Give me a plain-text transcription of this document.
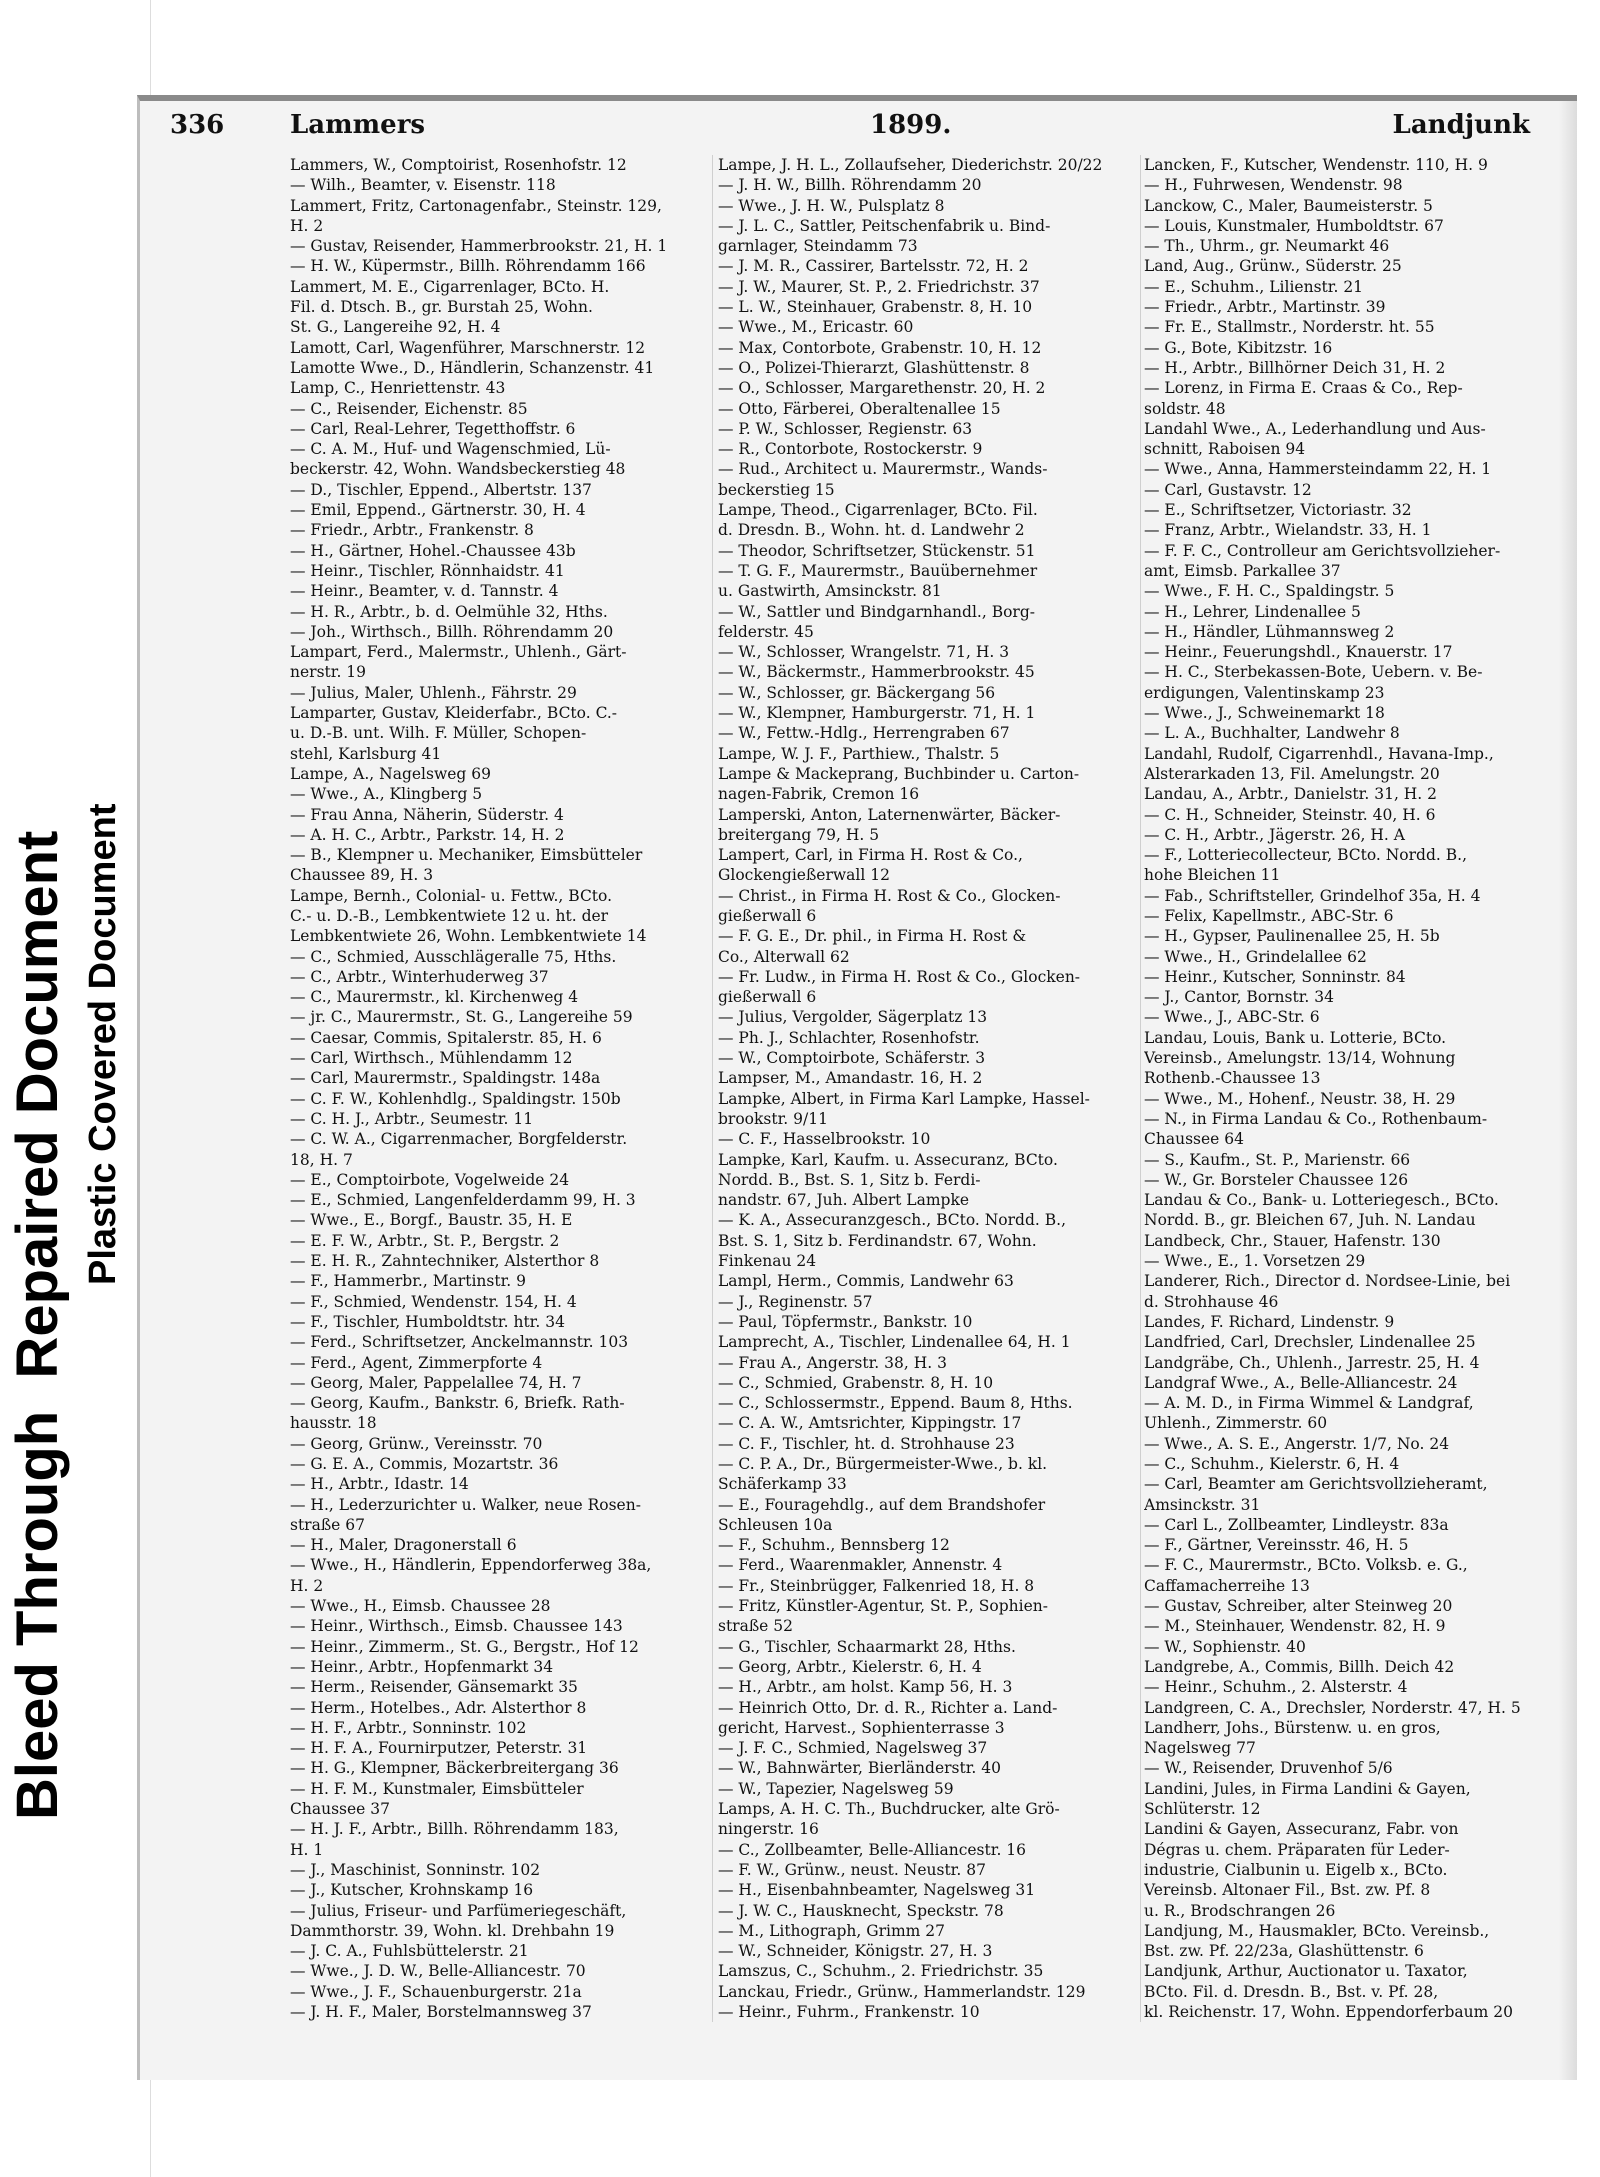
Bleed Through  Repaired Document Plastic Covered Document
336	Lammers	1899.	Landjunk
Lammers, W., Comptoirist, Rosenhofstr. 12
— Wilh., Beamter, v. Eisenstr. 118
Lammert, Fritz, Cartonagenfabr., Steinstr. 129,
H. 2
— Gustav, Reisender, Hammerbrookstr. 21, H. 1
— H. W., Küpermstr., Billh. Röhrendamm 166
Lammert, M. E., Cigarrenlager, BCto. H.
Fil. d. Dtsch. B., gr. Burstah 25, Wohn.
St. G., Langereihe 92, H. 4
Lamott, Carl, Wagenführer, Marschnerstr. 12
Lamotte Wwe., D., Händlerin, Schanzenstr. 41
Lamp, C., Henriettenstr. 43
— C., Reisender, Eichenstr. 85
— Carl, Real-Lehrer, Tegetthoffstr. 6
— C. A. M., Huf- und Wagenschmied, Lü-
beckerstr. 42, Wohn. Wandsbeckerstieg 48
— D., Tischler, Eppend., Albertstr. 137
— Emil, Eppend., Gärtnerstr. 30, H. 4
— Friedr., Arbtr., Frankenstr. 8
— H., Gärtner, Hohel.-Chaussee 43b
— Heinr., Tischler, Rönnhaidstr. 41
— Heinr., Beamter, v. d. Tannstr. 4
— H. R., Arbtr., b. d. Oelmühle 32, Hths.
— Joh., Wirthsch., Billh. Röhrendamm 20
Lampart, Ferd., Malermstr., Uhlenh., Gärt-
nerstr. 19
— Julius, Maler, Uhlenh., Fährstr. 29
Lamparter, Gustav, Kleiderfabr., BCto. C.-
u. D.-B. unt. Wilh. F. Müller, Schopen-
stehl, Karlsburg 41
Lampe, A., Nagelsweg 69
— Wwe., A., Klingberg 5
— Frau Anna, Näherin, Süderstr. 4
— A. H. C., Arbtr., Parkstr. 14, H. 2
— B., Klempner u. Mechaniker, Eimsbütteler
Chaussee 89, H. 3
Lampe, Bernh., Colonial- u. Fettw., BCto.
C.- u. D.-B., Lembkentwiete 12 u. ht. der
Lembkentwiete 26, Wohn. Lembkentwiete 14
— C., Schmied, Ausschlägeralle 75, Hths.
— C., Arbtr., Winterhuderweg 37
— C., Maurermstr., kl. Kirchenweg 4
— jr. C., Maurermstr., St. G., Langereihe 59
— Caesar, Commis, Spitalerstr. 85, H. 6
— Carl, Wirthsch., Mühlendamm 12
— Carl, Maurermstr., Spaldingstr. 148a
— C. F. W., Kohlenhdlg., Spaldingstr. 150b
— C. H. J., Arbtr., Seumestr. 11
— C. W. A., Cigarrenmacher, Borgfelderstr.
18, H. 7
— E., Comptoirbote, Vogelweide 24
— E., Schmied, Langenfelderdamm 99, H. 3
— Wwe., E., Borgf., Baustr. 35, H. E
— E. F. W., Arbtr., St. P., Bergstr. 2
— E. H. R., Zahntechniker, Alsterthor 8
— F., Hammerbr., Martinstr. 9
— F., Schmied, Wendenstr. 154, H. 4
— F., Tischler, Humboldtstr. htr. 34
— Ferd., Schriftsetzer, Anckelmannstr. 103
— Ferd., Agent, Zimmerpforte 4
— Georg, Maler, Pappelallee 74, H. 7
— Georg, Kaufm., Bankstr. 6, Briefk. Rath-
hausstr. 18
— Georg, Grünw., Vereinsstr. 70
— G. E. A., Commis, Mozartstr. 36
— H., Arbtr., Idastr. 14
— H., Lederzurichter u. Walker, neue Rosen-
straße 67
— H., Maler, Dragonerstall 6
— Wwe., H., Händlerin, Eppendorferweg 38a,
H. 2
— Wwe., H., Eimsb. Chaussee 28
— Heinr., Wirthsch., Eimsb. Chaussee 143
— Heinr., Zimmerm., St. G., Bergstr., Hof 12
— Heinr., Arbtr., Hopfenmarkt 34
— Herm., Reisender, Gänsemarkt 35
— Herm., Hotelbes., Adr. Alsterthor 8
— H. F., Arbtr., Sonninstr. 102
— H. F. A., Fournirputzer, Peterstr. 31
— H. G., Klempner, Bäckerbreitergang 36
— H. F. M., Kunstmaler, Eimsbütteler
Chaussee 37
— H. J. F., Arbtr., Billh. Röhrendamm 183,
H. 1
— J., Maschinist, Sonninstr. 102
— J., Kutscher, Krohnskamp 16
— Julius, Friseur- und Parfümeriegeschäft,
Dammthorstr. 39, Wohn. kl. Drehbahn 19
— J. C. A., Fuhlsbüttelerstr. 21
— Wwe., J. D. W., Belle-Alliancestr. 70
— Wwe., J. F., Schauenburgerstr. 21a
— J. H. F., Maler, Borstelmannsweg 37
Lampe, J. H. L., Zollaufseher, Diederichstr. 20/22
— J. H. W., Billh. Röhrendamm 20
— Wwe., J. H. W., Pulsplatz 8
— J. L. C., Sattler, Peitschenfabrik u. Bind-
garnlager, Steindamm 73
— J. M. R., Cassirer, Bartelsstr. 72, H. 2
— J. W., Maurer, St. P., 2. Friedrichstr. 37
— L. W., Steinhauer, Grabenstr. 8, H. 10
— Wwe., M., Ericastr. 60
— Max, Contorbote, Grabenstr. 10, H. 12
— O., Polizei-Thierarzt, Glashüttenstr. 8
— O., Schlosser, Margarethenstr. 20, H. 2
— Otto, Färberei, Oberaltenallee 15
— P. W., Schlosser, Regienstr. 63
— R., Contorbote, Rostockerstr. 9
— Rud., Architect u. Maurermstr., Wands-
beckerstieg 15
Lampe, Theod., Cigarrenlager, BCto. Fil.
d. Dresdn. B., Wohn. ht. d. Landwehr 2
— Theodor, Schriftsetzer, Stückenstr. 51
— T. G. F., Maurermstr., Bauübernehmer
u. Gastwirth, Amsinckstr. 81
— W., Sattler und Bindgarnhandl., Borg-
felderstr. 45
— W., Schlosser, Wrangelstr. 71, H. 3
— W., Bäckermstr., Hammerbrookstr. 45
— W., Schlosser, gr. Bäckergang 56
— W., Klempner, Hamburgerstr. 71, H. 1
— W., Fettw.-Hdlg., Herrengraben 67
Lampe, W. J. F., Parthiew., Thalstr. 5
Lampe & Mackeprang, Buchbinder u. Carton-
nagen-Fabrik, Cremon 16
Lamperski, Anton, Laternenwärter, Bäcker-
breitergang 79, H. 5
Lampert, Carl, in Firma H. Rost & Co.,
Glockengießerwall 12
— Christ., in Firma H. Rost & Co., Glocken-
gießerwall 6
— F. G. E., Dr. phil., in Firma H. Rost &
Co., Alterwall 62
— Fr. Ludw., in Firma H. Rost & Co., Glocken-
gießerwall 6
— Julius, Vergolder, Sägerplatz 13
— Ph. J., Schlachter, Rosenhofstr.
— W., Comptoirbote, Schäferstr. 3
Lampser, M., Amandastr. 16, H. 2
Lampke, Albert, in Firma Karl Lampke, Hassel-
brookstr. 9/11
— C. F., Hasselbrookstr. 10
Lampke, Karl, Kaufm. u. Assecuranz, BCto.
Nordd. B., Bst. S. 1, Sitz b. Ferdi-
nandstr. 67, Juh. Albert Lampke
— K. A., Assecuranzgesch., BCto. Nordd. B.,
Bst. S. 1, Sitz b. Ferdinandstr. 67, Wohn.
Finkenau 24
Lampl, Herm., Commis, Landwehr 63
— J., Reginenstr. 57
— Paul, Töpfermstr., Bankstr. 10
Lamprecht, A., Tischler, Lindenallee 64, H. 1
— Frau A., Angerstr. 38, H. 3
— C., Schmied, Grabenstr. 8, H. 10
— C., Schlossermstr., Eppend. Baum 8, Hths.
— C. A. W., Amtsrichter, Kippingstr. 17
— C. F., Tischler, ht. d. Strohhause 23
— C. P. A., Dr., Bürgermeister-Wwe., b. kl.
Schäferkamp 33
— E., Fouragehdlg., auf dem Brandshofer
Schleusen 10a
— F., Schuhm., Bennsberg 12
— Ferd., Waarenmakler, Annenstr. 4
— Fr., Steinbrügger, Falkenried 18, H. 8
— Fritz, Künstler-Agentur, St. P., Sophien-
straße 52
— G., Tischler, Schaarmarkt 28, Hths.
— Georg, Arbtr., Kielerstr. 6, H. 4
— H., Arbtr., am holst. Kamp 56, H. 3
— Heinrich Otto, Dr. d. R., Richter a. Land-
gericht, Harvest., Sophienterrasse 3
— J. F. C., Schmied, Nagelsweg 37
— W., Bahnwärter, Bierländerstr. 40
— W., Tapezier, Nagelsweg 59
Lamps, A. H. C. Th., Buchdrucker, alte Grö-
ningerstr. 16
— C., Zollbeamter, Belle-Alliancestr. 16
— F. W., Grünw., neust. Neustr. 87
— H., Eisenbahnbeamter, Nagelsweg 31
— J. W. C., Hausknecht, Speckstr. 78
— M., Lithograph, Grimm 27
— W., Schneider, Königstr. 27, H. 3
Lamszus, C., Schuhm., 2. Friedrichstr. 35
Lanckau, Friedr., Grünw., Hammerlandstr. 129
— Heinr., Fuhrm., Frankenstr. 10
Lancken, F., Kutscher, Wendenstr. 110, H. 9
— H., Fuhrwesen, Wendenstr. 98
Lanckow, C., Maler, Baumeisterstr. 5
— Louis, Kunstmaler, Humboldtstr. 67
— Th., Uhrm., gr. Neumarkt 46
Land, Aug., Grünw., Süderstr. 25
— E., Schuhm., Lilienstr. 21
— Friedr., Arbtr., Martinstr. 39
— Fr. E., Stallmstr., Norderstr. ht. 55
— G., Bote, Kibitzstr. 16
— H., Arbtr., Billhörner Deich 31, H. 2
— Lorenz, in Firma E. Craas & Co., Rep-
soldstr. 48
Landahl Wwe., A., Lederhandlung und Aus-
schnitt, Raboisen 94
— Wwe., Anna, Hammersteindamm 22, H. 1
— Carl, Gustavstr. 12
— E., Schriftsetzer, Victoriastr. 32
— Franz, Arbtr., Wielandstr. 33, H. 1
— F. F. C., Controlleur am Gerichtsvollzieher-
amt, Eimsb. Parkallee 37
— Wwe., F. H. C., Spaldingstr. 5
— H., Lehrer, Lindenallee 5
— H., Händler, Lühmannsweg 2
— Heinr., Feuerungshdl., Knauerstr. 17
— H. C., Sterbekassen-Bote, Uebern. v. Be-
erdigungen, Valentinskamp 23
— Wwe., J., Schweinemarkt 18
— L. A., Buchhalter, Landwehr 8
Landahl, Rudolf, Cigarrenhdl., Havana-Imp.,
Alsterarkaden 13, Fil. Amelungstr. 20
Landau, A., Arbtr., Danielstr. 31, H. 2
— C. H., Schneider, Steinstr. 40, H. 6
— C. H., Arbtr., Jägerstr. 26, H. A
— F., Lotteriecollecteur, BCto. Nordd. B.,
hohe Bleichen 11
— Fab., Schriftsteller, Grindelhof 35a, H. 4
— Felix, Kapellmstr., ABC-Str. 6
— H., Gypser, Paulinenallee 25, H. 5b
— Wwe., H., Grindelallee 62
— Heinr., Kutscher, Sonninstr. 84
— J., Cantor, Bornstr. 34
— Wwe., J., ABC-Str. 6
Landau, Louis, Bank u. Lotterie, BCto.
Vereinsb., Amelungstr. 13/14, Wohnung
Rothenb.-Chaussee 13
— Wwe., M., Hohenf., Neustr. 38, H. 29
— N., in Firma Landau & Co., Rothenbaum-
Chaussee 64
— S., Kaufm., St. P., Marienstr. 66
— W., Gr. Borsteler Chaussee 126
Landau & Co., Bank- u. Lotteriegesch., BCto.
Nordd. B., gr. Bleichen 67, Juh. N. Landau
Landbeck, Chr., Stauer, Hafenstr. 130
— Wwe., E., 1. Vorsetzen 29
Landerer, Rich., Director d. Nordsee-Linie, bei
d. Strohhause 46
Landes, F. Richard, Lindenstr. 9
Landfried, Carl, Drechsler, Lindenallee 25
Landgräbe, Ch., Uhlenh., Jarrestr. 25, H. 4
Landgraf Wwe., A., Belle-Alliancestr. 24
— A. M. D., in Firma Wimmel & Landgraf,
Uhlenh., Zimmerstr. 60
— Wwe., A. S. E., Angerstr. 1/7, No. 24
— C., Schuhm., Kielerstr. 6, H. 4
— Carl, Beamter am Gerichtsvollzieheramt,
Amsinckstr. 31
— Carl L., Zollbeamter, Lindleystr. 83a
— F., Gärtner, Vereinsstr. 46, H. 5
— F. C., Maurermstr., BCto. Volksb. e. G.,
Caffamacherreihe 13
— Gustav, Schreiber, alter Steinweg 20
— M., Steinhauer, Wendenstr. 82, H. 9
— W., Sophienstr. 40
Landgrebe, A., Commis, Billh. Deich 42
— Heinr., Schuhm., 2. Alsterstr. 4
Landgreen, C. A., Drechsler, Norderstr. 47, H. 5
Landherr, Johs., Bürstenw. u. en gros,
Nagelsweg 77
— W., Reisender, Druvenhof 5/6
Landini, Jules, in Firma Landini & Gayen,
Schlüterstr. 12
Landini & Gayen, Assecuranz, Fabr. von
Dégras u. chem. Präparaten für Leder-
industrie, Cialbunin u. Eigelb x., BCto.
Vereinsb. Altonaer Fil., Bst. zw. Pf. 8
u. R., Brodschrangen 26
Landjung, M., Hausmakler, BCto. Vereinsb.,
Bst. zw. Pf. 22/23a, Glashüttenstr. 6
Landjunk, Arthur, Auctionator u. Taxator,
BCto. Fil. d. Dresdn. B., Bst. v. Pf. 28,
kl. Reichenstr. 17, Wohn. Eppendorferbaum 20
